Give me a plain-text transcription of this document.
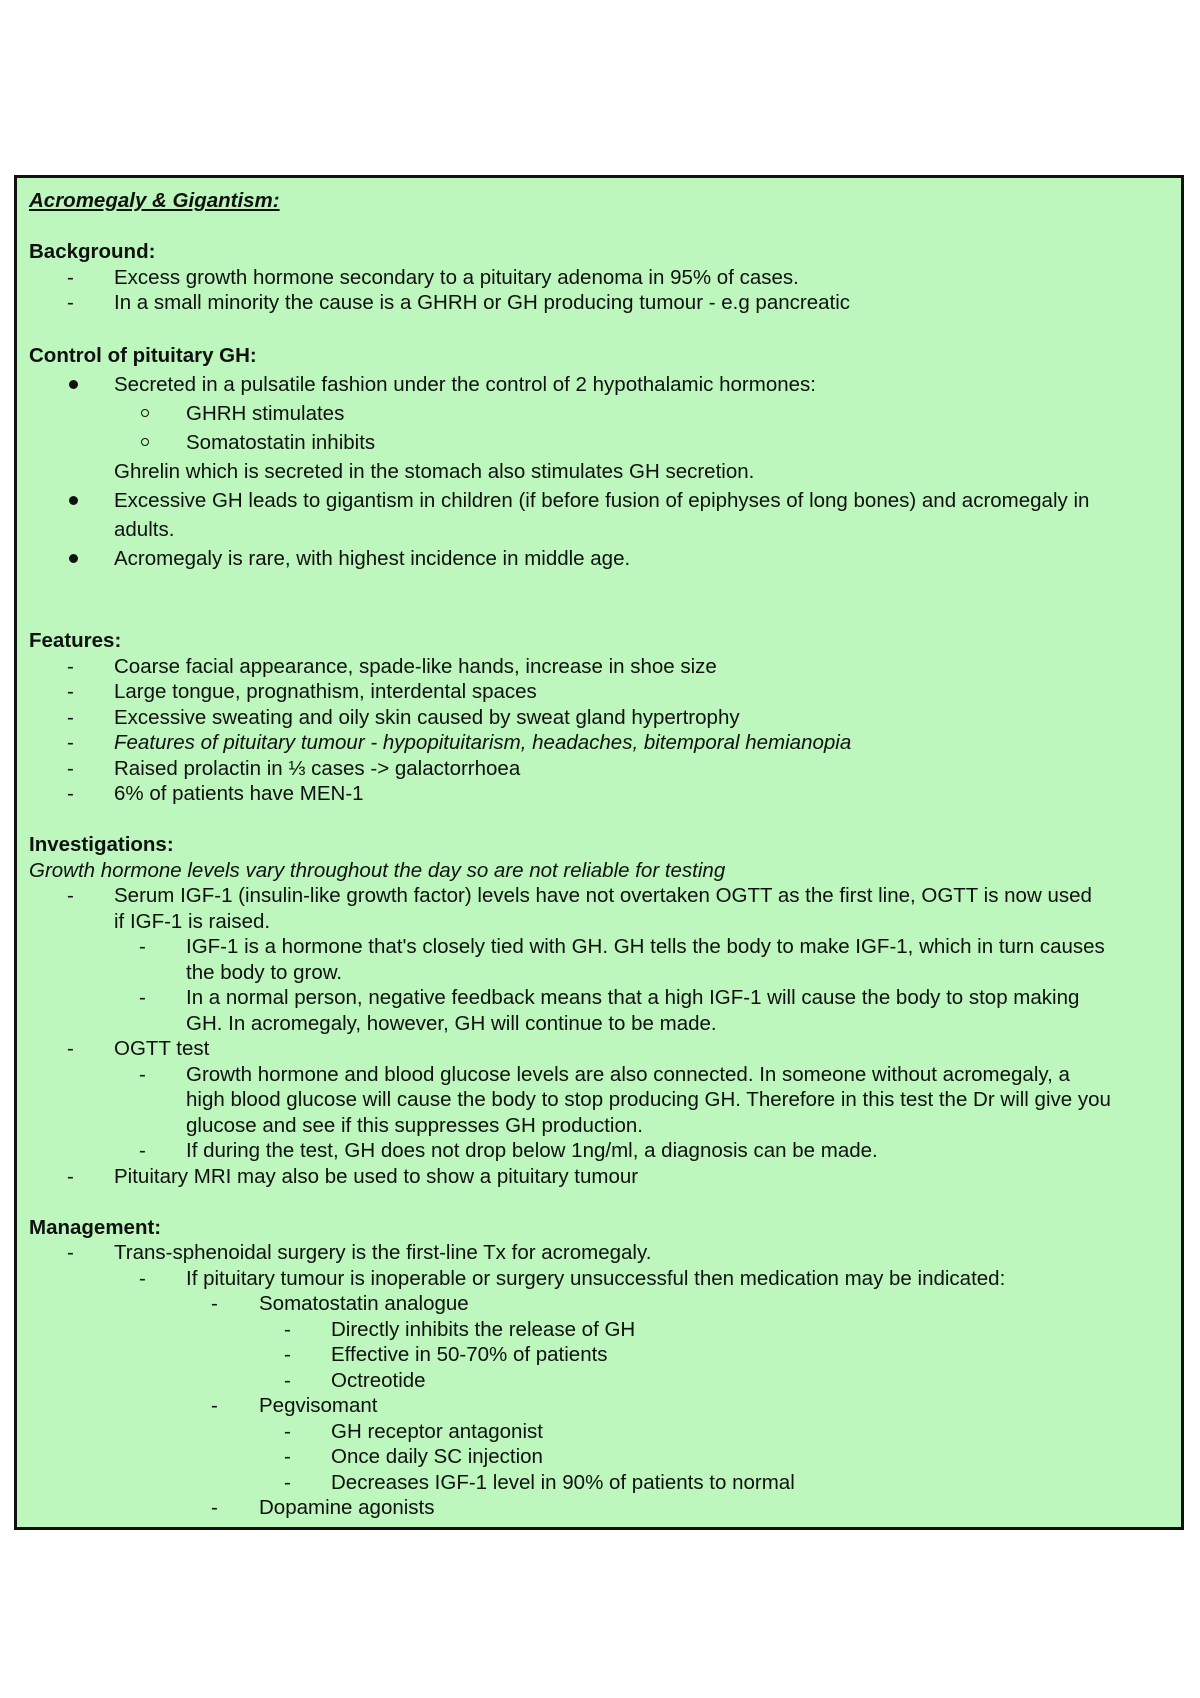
Acromegaly & Gigantism:
Background:
- Excess growth hormone secondary to a pituitary adenoma in 95% of cases.
- In a small minority the cause is a GHRH or GH producing tumour - e.g pancreatic
Control of pituitary GH:
Secreted in a pulsatile fashion under the control of 2 hypothalamic hormones:
GHRH stimulates
Somatostatin inhibits
Ghrelin which is secreted in the stomach also stimulates GH secretion.
Excessive GH leads to gigantism in children (if before fusion of epiphyses of long bones) and acromegaly in
adults.
Acromegaly is rare, with highest incidence in middle age.
Features:
- Coarse facial appearance, spade-like hands, increase in shoe size
- Large tongue, prognathism, interdental spaces
- Excessive sweating and oily skin caused by sweat gland hypertrophy
- Features of pituitary tumour - hypopituitarism, headaches, bitemporal hemianopia
- Raised prolactin in ⅓ cases -> galactorrhoea
- 6% of patients have MEN-1
Investigations:
Growth hormone levels vary throughout the day so are not reliable for testing
- Serum IGF-1 (insulin-like growth factor) levels have not overtaken OGTT as the first line, OGTT is now used
if IGF-1 is raised.
- IGF-1 is a hormone that's closely tied with GH. GH tells the body to make IGF-1, which in turn causes
the body to grow.
- In a normal person, negative feedback means that a high IGF-1 will cause the body to stop making
GH. In acromegaly, however, GH will continue to be made.
- OGTT test
- Growth hormone and blood glucose levels are also connected. In someone without acromegaly, a
high blood glucose will cause the body to stop producing GH. Therefore in this test the Dr will give you
glucose and see if this suppresses GH production.
- If during the test, GH does not drop below 1ng/ml, a diagnosis can be made.
- Pituitary MRI may also be used to show a pituitary tumour
Management:
- Trans-sphenoidal surgery is the first-line Tx for acromegaly.
- If pituitary tumour is inoperable or surgery unsuccessful then medication may be indicated:
- Somatostatin analogue
- Directly inhibits the release of GH
- Effective in 50-70% of patients
- Octreotide
- Pegvisomant
- GH receptor antagonist
- Once daily SC injection
- Decreases IGF-1 level in 90% of patients to normal
- Dopamine agonists
